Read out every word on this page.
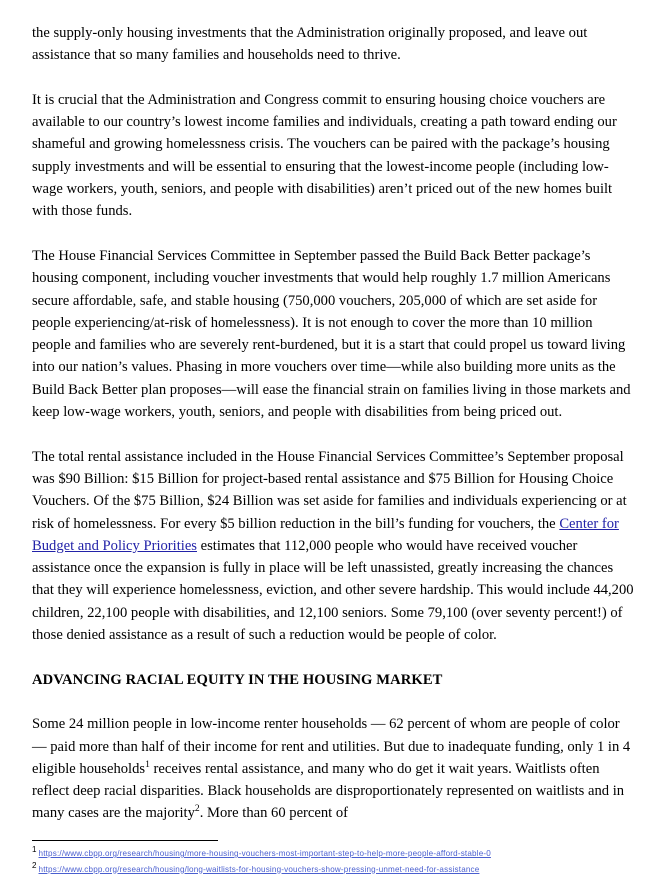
the supply-only housing investments that the Administration originally proposed, and leave out assistance that so many families and households need to thrive.

It is crucial that the Administration and Congress commit to ensuring housing choice vouchers are available to our country’s lowest income families and individuals, creating a path toward ending our shameful and growing homelessness crisis. The vouchers can be paired with the package’s housing supply investments and will be essential to ensuring that the lowest-income people (including low-wage workers, youth, seniors, and people with disabilities) aren’t priced out of the new homes built with those funds.

The House Financial Services Committee in September passed the Build Back Better package’s housing component, including voucher investments that would help roughly 1.7 million Americans secure affordable, safe, and stable housing (750,000 vouchers, 205,000 of which are set aside for people experiencing/at-risk of homelessness). It is not enough to cover the more than 10 million people and families who are severely rent-burdened, but it is a start that could propel us toward living into our nation’s values. Phasing in more vouchers over time—while also building more units as the Build Back Better plan proposes—will ease the financial strain on families living in those markets and keep low-wage workers, youth, seniors, and people with disabilities from being priced out.

The total rental assistance included in the House Financial Services Committee’s September proposal was $90 Billion: $15 Billion for project-based rental assistance and $75 Billion for Housing Choice Vouchers. Of the $75 Billion, $24 Billion was set aside for families and individuals experiencing or at risk of homelessness. For every $5 billion reduction in the bill’s funding for vouchers, the Center for Budget and Policy Priorities estimates that 112,000 people who would have received voucher assistance once the expansion is fully in place will be left unassisted, greatly increasing the chances that they will experience homelessness, eviction, and other severe hardship. This would include 44,200 children, 22,100 people with disabilities, and 12,100 seniors. Some 79,100 (over seventy percent!) of those denied assistance as a result of such a reduction would be people of color.

ADVANCING RACIAL EQUITY IN THE HOUSING MARKET

Some 24 million people in low-income renter households — 62 percent of whom are people of color — paid more than half of their income for rent and utilities. But due to inadequate funding, only 1 in 4 eligible households$^1$ receives rental assistance, and many who do get it wait years. Waitlists often reflect deep racial disparities. Black households are disproportionately represented on waitlists and in many cases are the majority$^2$. More than 60 percent of

1 https://www.cbpp.org/research/housing/more-housing-vouchers-most-important-step-to-help-more-people-afford-stable-0

2 https://www.cbpp.org/research/housing/long-waitlists-for-housing-vouchers-show-pressing-unmet-need-for-assistance
